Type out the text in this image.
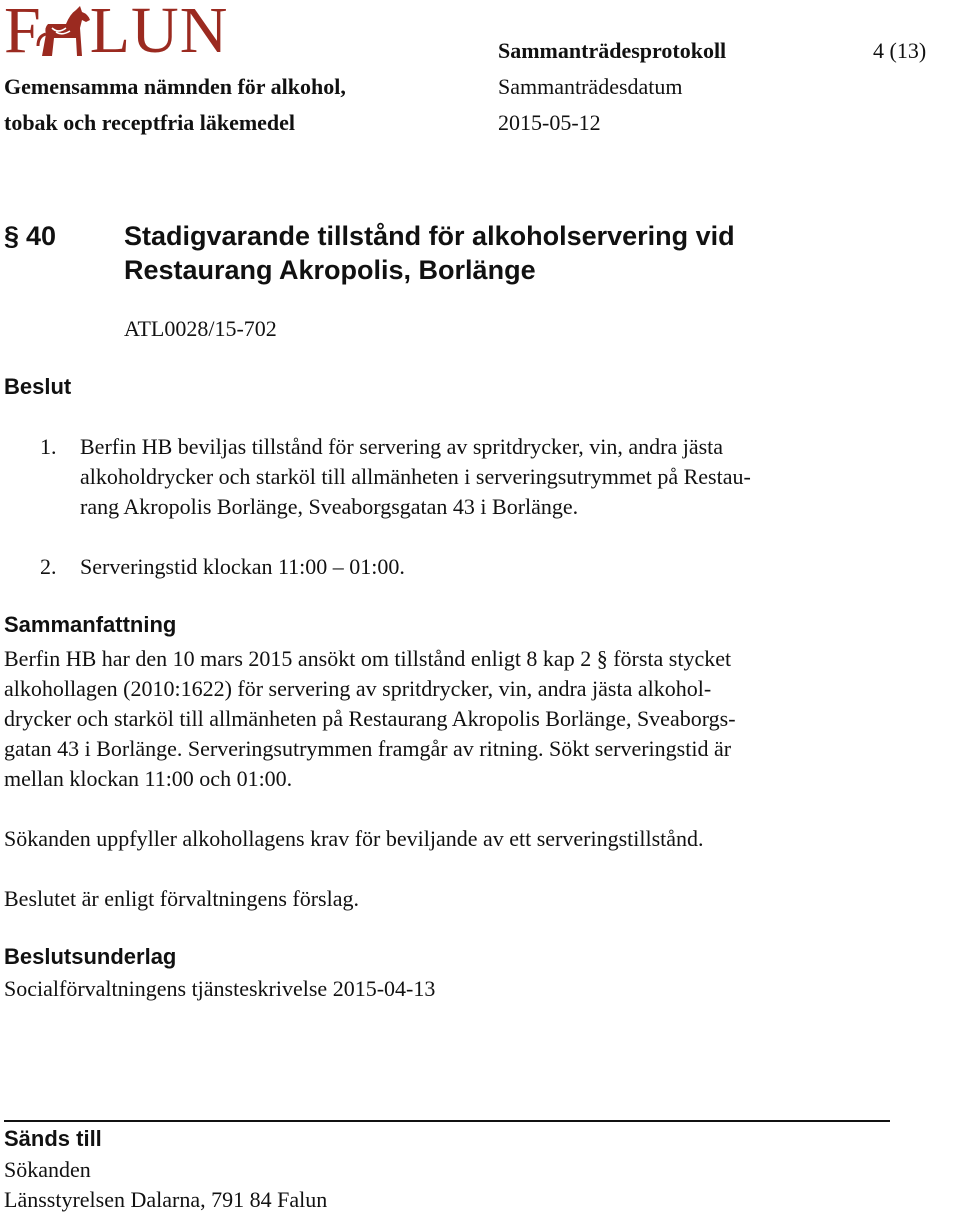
F LUN	Sammanträdesprotokoll	4 (13)
Gemensamma nämnden för alkohol,	Sammanträdesdatum
tobak och receptfria läkemedel	2015-05-12
§ 40	Stadigvarande tillstånd för alkoholservering vid
Restaurang Akropolis, Borlänge
ATL0028/15-702
Beslut
1. Berfin HB beviljas tillstånd för servering av spritdrycker, vin, andra jästa
alkoholdrycker och starköl till allmänheten i serveringsutrymmet på Restau-
rang Akropolis Borlänge, Sveaborgsgatan 43 i Borlänge.
2. Serveringstid klockan 11:00 – 01:00.
Sammanfattning
Berfin HB har den 10 mars 2015 ansökt om tillstånd enligt 8 kap 2 § första stycket
alkohollagen (2010:1622) för servering av spritdrycker, vin, andra jästa alkohol-
drycker och starköl till allmänheten på Restaurang Akropolis Borlänge, Sveaborgs-
gatan 43 i Borlänge. Serveringsutrymmen framgår av ritning. Sökt serveringstid är
mellan klockan 11:00 och 01:00.
Sökanden uppfyller alkohollagens krav för beviljande av ett serveringstillstånd.
Beslutet är enligt förvaltningens förslag.
Beslutsunderlag
Socialförvaltningens tjänsteskrivelse 2015-04-13
Sänds till
Sökanden
Länsstyrelsen Dalarna, 791 84 Falun
